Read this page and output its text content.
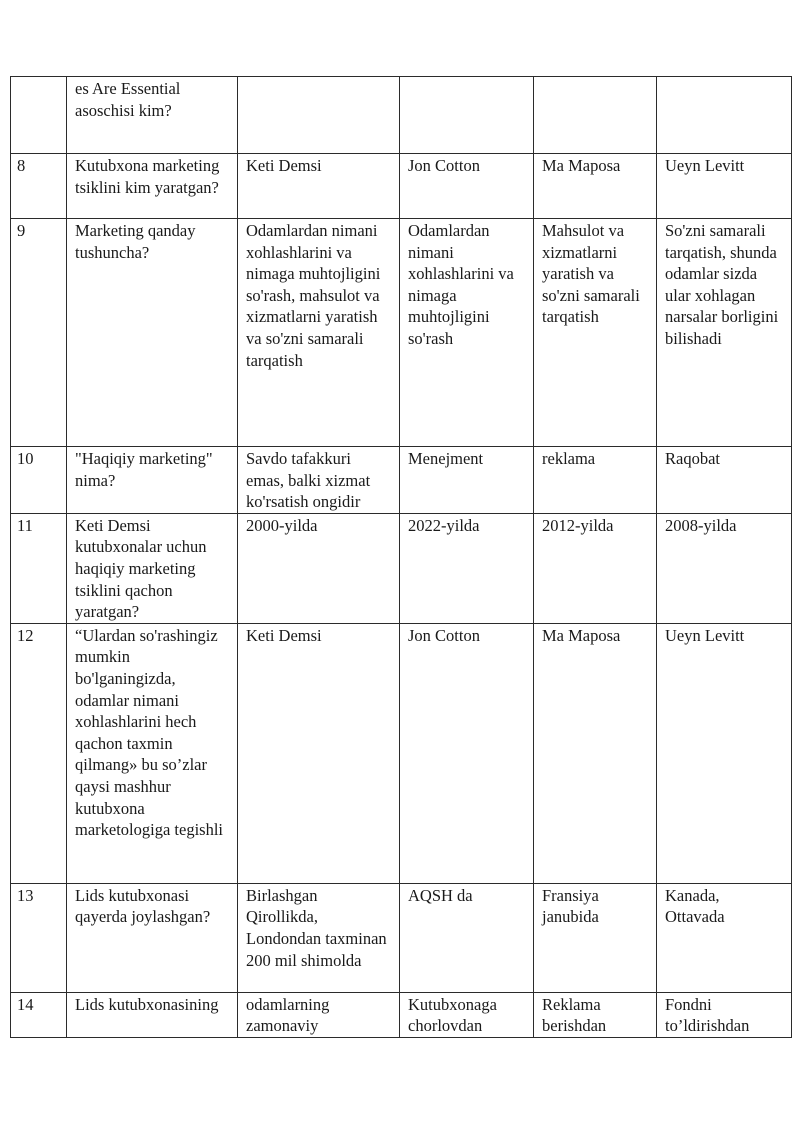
	es Are Essential asoschisi kim?				
8	Kutubxona marketing tsiklini kim yaratgan?	Keti Demsi	Jon Cotton	Ma Maposa	Ueyn Levitt
9	Marketing qanday tushuncha?	Odamlardan nimani xohlashlarini va nimaga muhtojligini so'rash, mahsulot va xizmatlarni yaratish va so'zni samarali tarqatish	Odamlardan nimani xohlashlarini va nimaga muhtojligini so'rash	Mahsulot va xizmatlarni yaratish va so'zni samarali tarqatish	So'zni samarali tarqatish, shunda odamlar sizda ular xohlagan narsalar borligini bilishadi
10	"Haqiqiy marketing" nima?	Savdo tafakkuri emas, balki xizmat ko'rsatish ongidir	Menejment	reklama	Raqobat
11	Keti Demsi kutubxonalar uchun haqiqiy marketing tsiklini qachon yaratgan?	2000-yilda	2022-yilda	2012-yilda	2008-yilda
12	“Ulardan so'rashingiz mumkin bo'lganingizda, odamlar nimani xohlashlarini hech qachon taxmin qilmang» bu so’zlar qaysi mashhur kutubxona marketologiga tegishli	Keti Demsi	Jon Cotton	Ma Maposa	Ueyn Levitt
13	Lids kutubxonasi qayerda joylashgan?	Birlashgan Qirollikda, Londondan taxminan 200 mil shimolda	AQSH da	Fransiya janubida	Kanada, Ottavada
14	Lids kutubxonasining	odamlarning zamonaviy	Kutubxonaga chorlovdan	Reklama berishdan	Fondni to’ldirishdan
